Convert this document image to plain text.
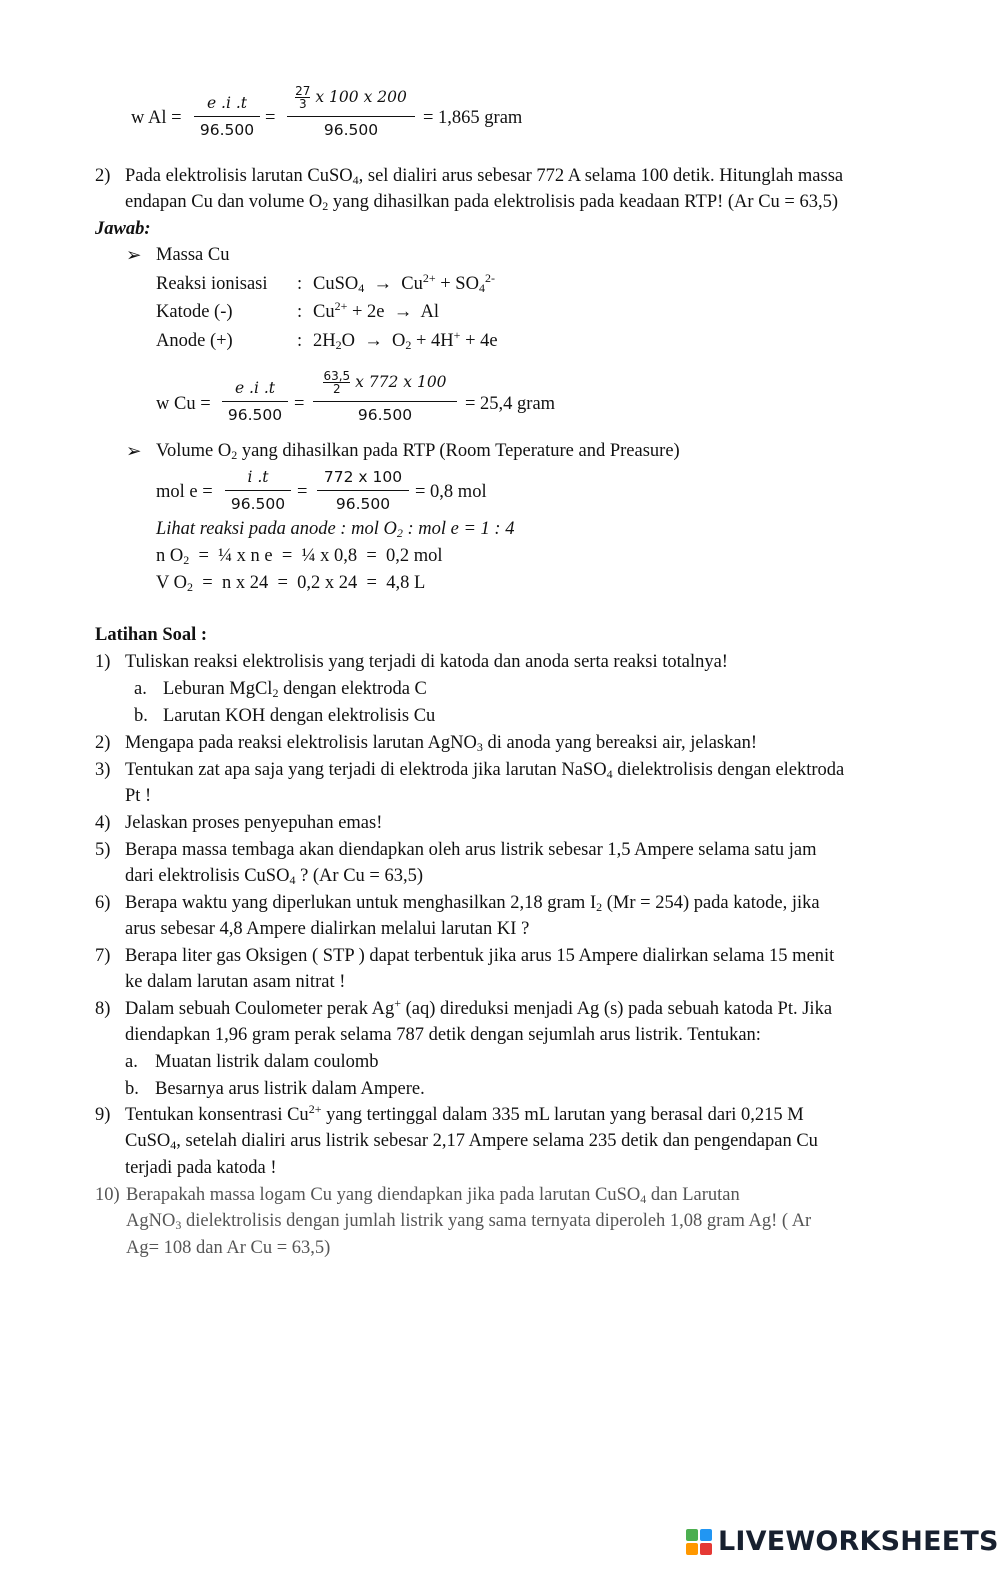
w Al =
e .i .t
96.500
=
$\frac{27}{3}$ x 100 x 200
96.500
= 1,865 gram
2) Pada elektrolisis larutan CuSO$_4$, sel dialiri arus sebesar 772 A selama 100 detik. Hitunglah massa
endapan Cu dan volume $O_2$ yang dihasilkan pada elektrolisis pada keadaan RTP! (Ar Cu = 63,5)
Jawab:
➢ Massa Cu
Reaksi ionisasi : CuSO$_4$ → $Cu^{2+} + SO_4^{2-}$
Katode (-)	: $Cu^{2+} + 2e \to Al$
Anode (+)	: $2H_2O \to O_2 + 4H^+ + 4e$
w Cu =
e .i .t
96.500
=
$\frac{63,5}{2}$ x 772 x 100
96.500
= 25,4 gram
➢ Volume $O_2$ yang dihasilkan pada RTP (Room Teperature and Preasure)
mol e =
i .t
96.500
=
772 x 100
96.500
= 0,8 mol
Lihat reaksi pada anode : mol $O_2$ : mol e = 1 : 4
n $O_2$  =  ¼ x n e  =  ¼ x 0,8  =  0,2 mol
V $O_2 = n$ x 24  =  0,2 x 24  =  4,8 L
Latihan Soal :
1) Tuliskan reaksi elektrolisis yang terjadi di katoda dan anoda serta reaksi totalnya!
a. Leburan MgCl$_2$ dengan elektroda C
b. Larutan KOH dengan elektrolisis Cu
2) Mengapa pada reaksi elektrolisis larutan AgNO$_3$ di anoda yang bereaksi air, jelaskan!
3) Tentukan zat apa saja yang terjadi di elektroda jika larutan NaSO$_4$ dielektrolisis dengan elektroda
Pt !
4) Jelaskan proses penyepuhan emas!
5) Berapa massa tembaga akan diendapkan oleh arus listrik sebesar 1,5 Ampere selama satu jam
dari elektrolisis CuSO$_4$ ? (Ar Cu = 63,5)
6) Berapa waktu yang diperlukan untuk menghasilkan 2,18 gram $I_2$ (Mr = 254) pada katode, jika
arus sebesar 4,8 Ampere dialirkan melalui larutan KI ?
7) Berapa liter gas Oksigen ( STP ) dapat terbentuk jika arus 15 Ampere dialirkan selama 15 menit
ke dalam larutan asam nitrat !
8) Dalam sebuah Coulometer perak Ag+ (aq) direduksi menjadi Ag (s) pada sebuah katoda Pt. Jika
diendapkan 1,96 gram perak selama 787 detik dengan sejumlah arus listrik. Tentukan:
a. Muatan listrik dalam coulomb
b. Besarnya arus listrik dalam Ampere.
9) Tentukan konsentrasi $Cu^{2+}$ yang tertinggal dalam 335 mL larutan yang berasal dari 0,215 M
CuSO$_4$, setelah dialiri arus listrik sebesar 2,17 Ampere selama 235 detik dan pengendapan Cu
terjadi pada katoda !
10) Berapakah massa logam Cu yang diendapkan jika pada larutan CuSO$_4$ dan Larutan
AgNO$_3$ dielektrolisis dengan jumlah listrik yang sama ternyata diperoleh 1,08 gram Ag! ( Ar
Ag= 108 dan Ar Cu = 63,5)
LIVEWORKSHEETS
